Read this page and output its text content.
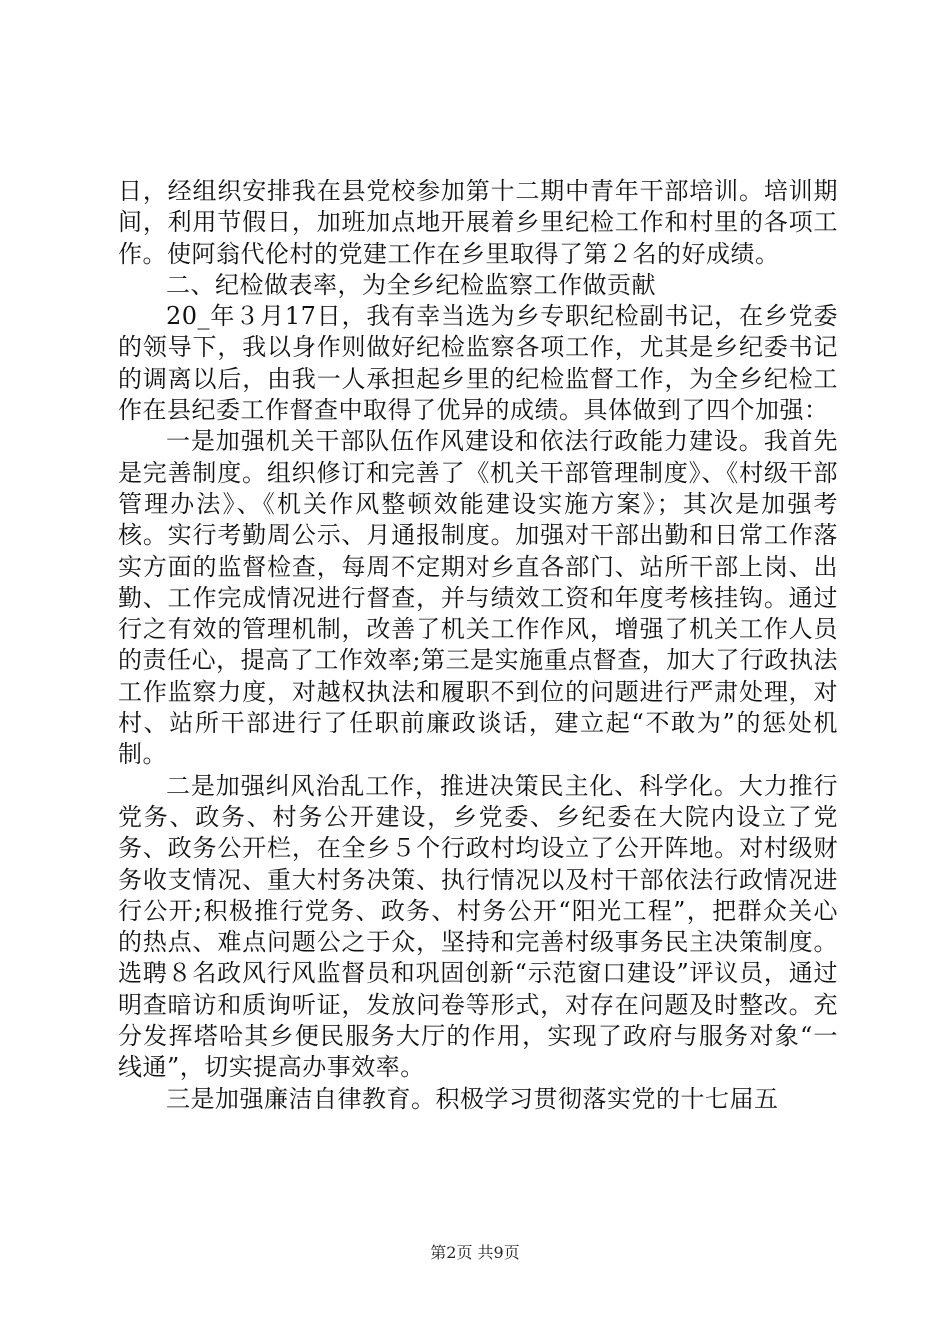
日，经组织安排我在县党校参加第十二期中青年干部培训。培训期间，利用节假日，加班加点地开展着乡里纪检工作和村里的各项工作。使阿翁代伦村的党建工作在乡里取得了第２名的好成绩。

二、纪检做表率，为全乡纪检监察工作做贡献

20_年３月17日，我有幸当选为乡专职纪检副书记，在乡党委的领导下，我以身作则做好纪检监察各项工作，尤其是乡纪委书记的调离以后，由我一人承担起乡里的纪检监督工作，为全乡纪检工作在县纪委工作督查中取得了优异的成绩。具体做到了四个加强：

一是加强机关干部队伍作风建设和依法行政能力建设。我首先是完善制度。组织修订和完善了《机关干部管理制度》、《村级干部管理办法》、《机关作风整顿效能建设实施方案》；其次是加强考核。实行考勤周公示、月通报制度。加强对干部出勤和日常工作落实方面的监督检查，每周不定期对乡直各部门、站所干部上岗、出勤、工作完成情况进行督查，并与绩效工资和年度考核挂钩。通过行之有效的管理机制，改善了机关工作作风，增强了机关工作人员的责任心，提高了工作效率;第三是实施重点督查，加大了行政执法工作监察力度，对越权执法和履职不到位的问题进行严肃处理，对村、站所干部进行了任职前廉政谈话，建立起“不敢为”的惩处机制。

二是加强纠风治乱工作，推进决策民主化、科学化。大力推行党务、政务、村务公开建设，乡党委、乡纪委在大院内设立了党务、政务公开栏，在全乡５个行政村均设立了公开阵地。对村级财务收支情况、重大村务决策、执行情况以及村干部依法行政情况进行公开;积极推行党务、政务、村务公开“阳光工程”，把群众关心的热点、难点问题公之于众，坚持和完善村级事务民主决策制度。选聘８名政风行风监督员和巩固创新“示范窗口建设”评议员，通过明查暗访和质询听证，发放问卷等形式，对存在问题及时整改。充分发挥塔哈其乡便民服务大厅的作用，实现了政府与服务对象“一线通”，切实提高办事效率。

三是加强廉洁自律教育。积极学习贯彻落实党的十七届五

第2页 共9页
